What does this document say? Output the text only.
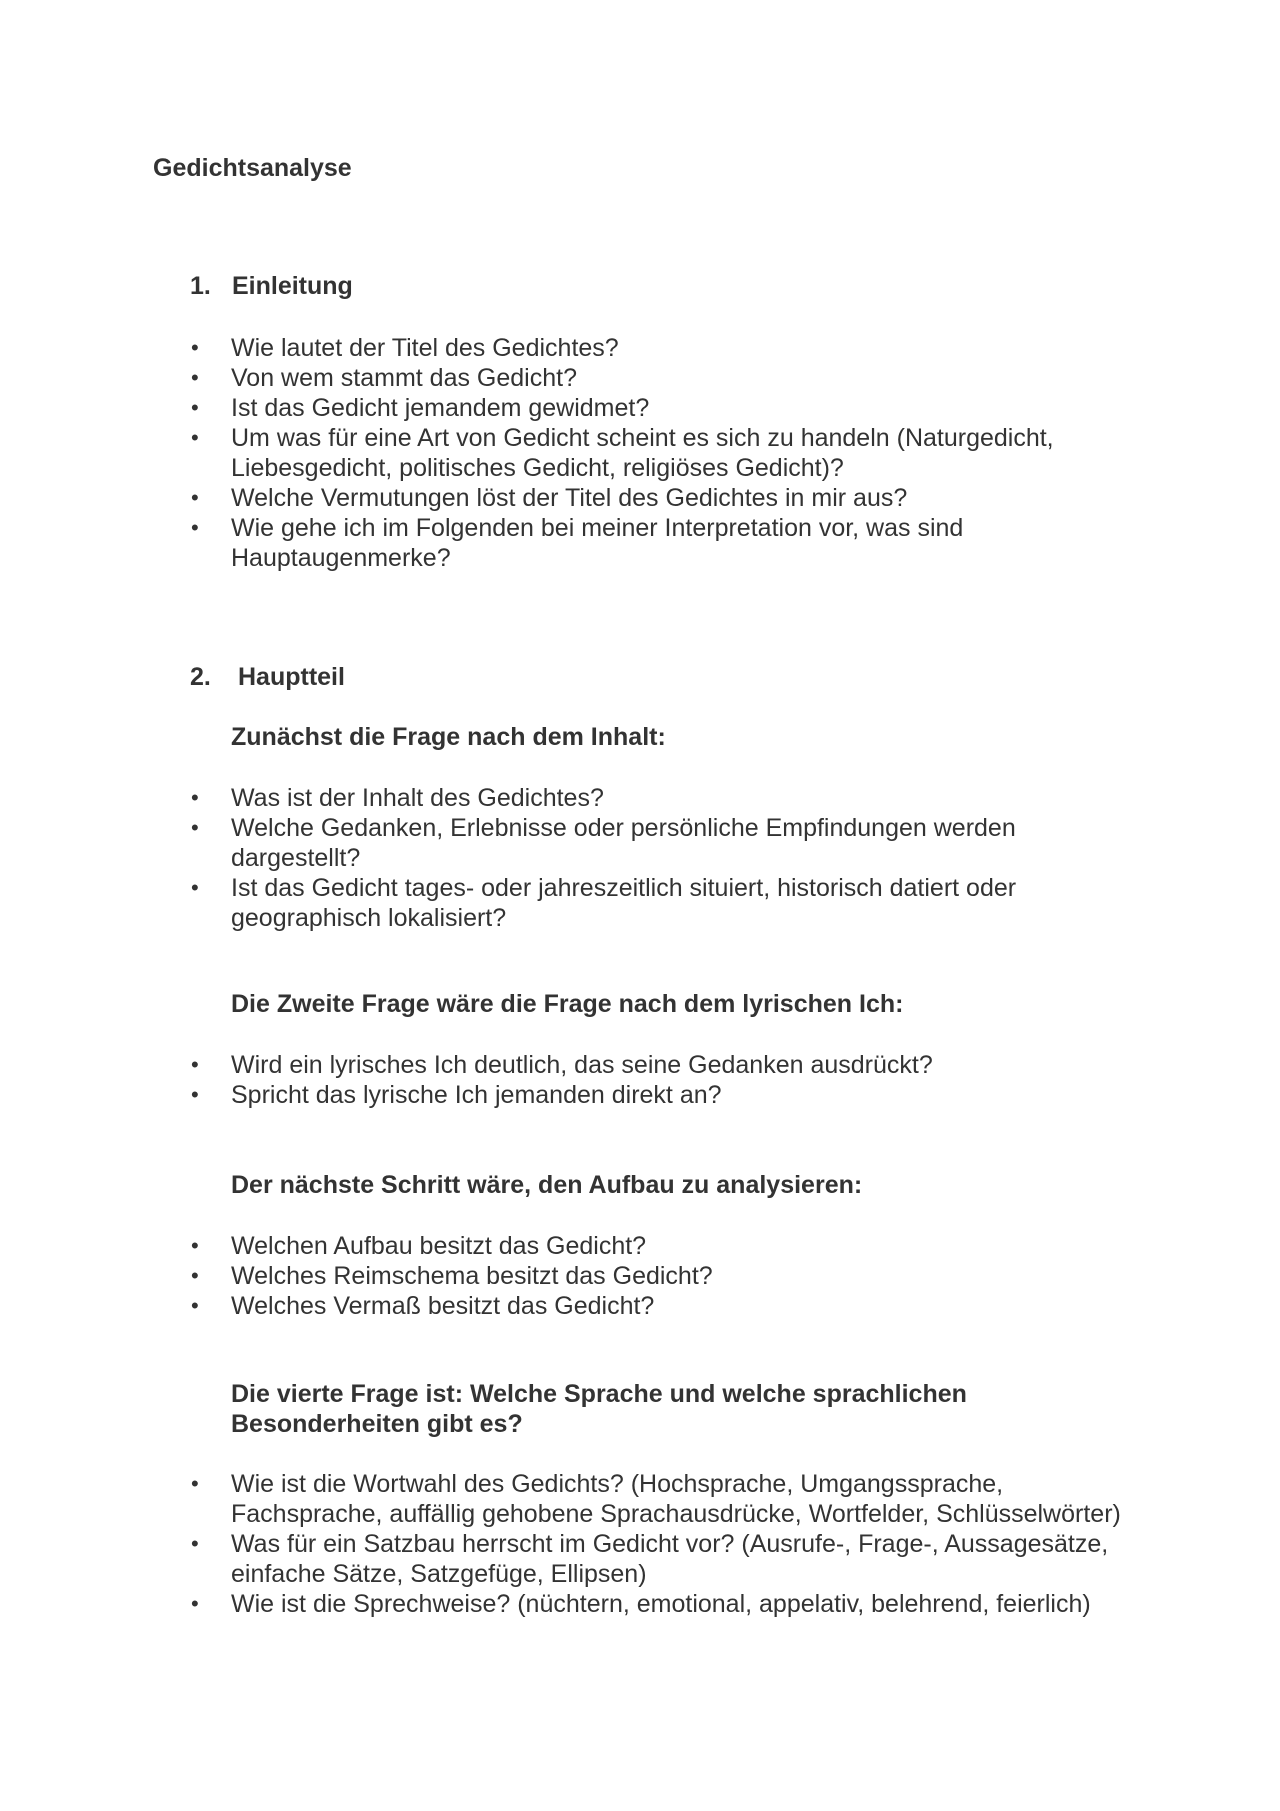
Gedichtsanalyse
1. Einleitung
• Wie lautet der Titel des Gedichtes?
• Von wem stammt das Gedicht?
• Ist das Gedicht jemandem gewidmet?
• Um was für eine Art von Gedicht scheint es sich zu handeln (Naturgedicht, Liebesgedicht, politisches Gedicht, religiöses Gedicht)?
• Welche Vermutungen löst der Titel des Gedichtes in mir aus?
• Wie gehe ich im Folgenden bei meiner Interpretation vor, was sind Hauptaugenmerke?
2. Hauptteil
Zunächst die Frage nach dem Inhalt:
• Was ist der Inhalt des Gedichtes?
• Welche Gedanken, Erlebnisse oder persönliche Empfindungen werden dargestellt?
• Ist das Gedicht tages- oder jahreszeitlich situiert, historisch datiert oder geographisch lokalisiert?
Die Zweite Frage wäre die Frage nach dem lyrischen Ich:
• Wird ein lyrisches Ich deutlich, das seine Gedanken ausdrückt?
• Spricht das lyrische Ich jemanden direkt an?
Der nächste Schritt wäre, den Aufbau zu analysieren:
• Welchen Aufbau besitzt das Gedicht?
• Welches Reimschema besitzt das Gedicht?
• Welches Vermaß besitzt das Gedicht?
Die vierte Frage ist: Welche Sprache und welche sprachlichen Besonderheiten gibt es?
• Wie ist die Wortwahl des Gedichts? (Hochsprache, Umgangssprache, Fachsprache, auffällig gehobene Sprachausdrücke, Wortfelder, Schlüsselwörter)
• Was für ein Satzbau herrscht im Gedicht vor? (Ausrufe-, Frage-, Aussagesätze, einfache Sätze, Satzgefüge, Ellipsen)
• Wie ist die Sprechweise? (nüchtern, emotional, appelativ, belehrend, feierlich)
